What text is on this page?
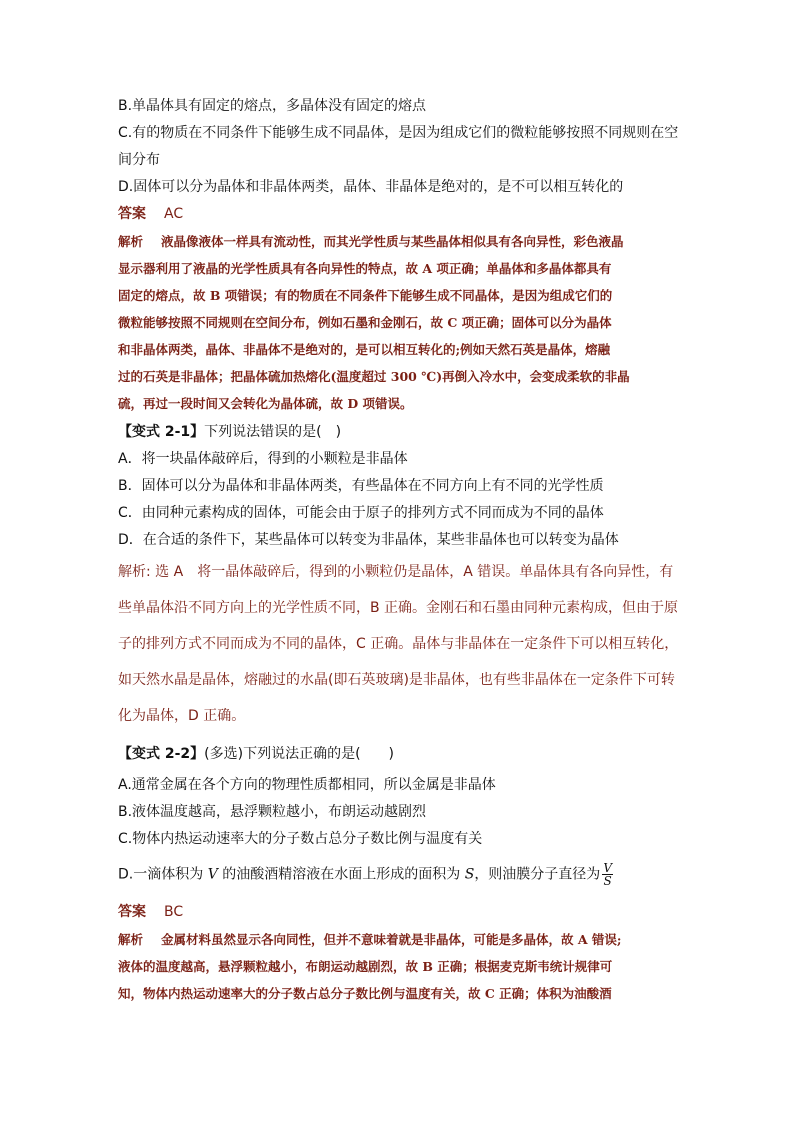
B.单晶体具有固定的熔点，多晶体没有固定的熔点
C.有的物质在不同条件下能够生成不同晶体，是因为组成它们的微粒能够按照不同规则在空
间分布
D.固体可以分为晶体和非晶体两类，晶体、非晶体是绝对的，是不可以相互转化的
答案 AC
解析 液晶像液体一样具有流动性，而其光学性质与某些晶体相似具有各向异性，彩色液晶
显示器利用了液晶的光学性质具有各向异性的特点，故 A 项正确；单晶体和多晶体都具有
固定的熔点，故 B 项错误；有的物质在不同条件下能够生成不同晶体，是因为组成它们的
微粒能够按照不同规则在空间分布，例如石墨和金刚石，故 C 项正确；固体可以分为晶体
和非晶体两类，晶体、非晶体不是绝对的，是可以相互转化的;例如天然石英是晶体，熔融
过的石英是非晶体；把晶体硫加热熔化(温度超过 300 ℃)再倒入冷水中，会变成柔软的非晶
硫，再过一段时间又会转化为晶体硫，故 D 项错误。
【变式 2-1】下列说法错误的是(　)
A．将一块晶体敲碎后，得到的小颗粒是非晶体
B．固体可以分为晶体和非晶体两类，有些晶体在不同方向上有不同的光学性质
C．由同种元素构成的固体，可能会由于原子的排列方式不同而成为不同的晶体
D．在合适的条件下，某些晶体可以转变为非晶体，某些非晶体也可以转变为晶体
解析: 选 A　将一晶体敲碎后，得到的小颗粒仍是晶体，A 错误。单晶体具有各向异性，有
些单晶体沿不同方向上的光学性质不同，B 正确。金刚石和石墨由同种元素构成，但由于原
子的排列方式不同而成为不同的晶体，C 正确。晶体与非晶体在一定条件下可以相互转化，
如天然水晶是晶体，熔融过的水晶(即石英玻璃)是非晶体，也有些非晶体在一定条件下可转
化为晶体，D 正确。
【变式 2-2】(多选)下列说法正确的是(　　)
A.通常金属在各个方向的物理性质都相同，所以金属是非晶体
B.液体温度越高，悬浮颗粒越小，布朗运动越剧烈
C.物体内热运动速率大的分子数占总分子数比例与温度有关
D.一滴体积为 V 的油酸酒精溶液在水面上形成的面积为 S，则油膜分子直径为 $\frac{V}{S}$
答案 BC
解析 金属材料虽然显示各向同性，但并不意味着就是非晶体，可能是多晶体，故 A 错误;
液体的温度越高，悬浮颗粒越小，布朗运动越剧烈，故 B 正确；根据麦克斯韦统计规律可
知，物体内热运动速率大的分子数占总分子数比例与温度有关，故 C 正确；体积为油酸酒
